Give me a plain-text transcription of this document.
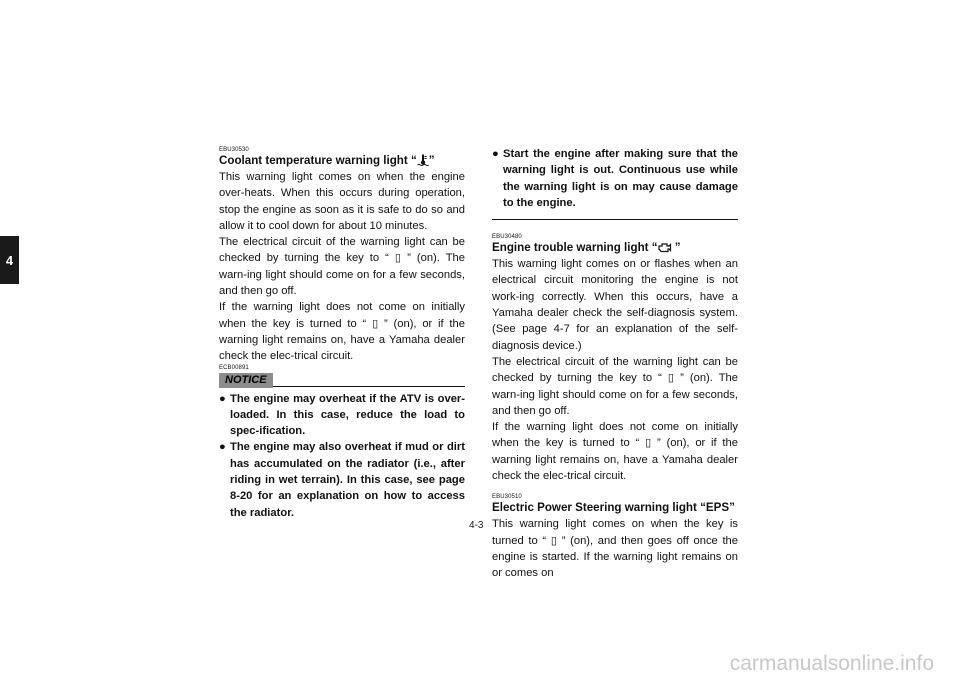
4

EBU30530

Coolant temperature warning light “ ”

This warning light comes on when the engine over-heats. When this occurs during operation, stop the engine as soon as it is safe to do so and allow it to cool down for about 10 minutes.

The electrical circuit of the warning light can be checked by turning the key to “ ▯ ” (on). The warn-ing light should come on for a few seconds, and then go off.

If the warning light does not come on initially when the key is turned to “ ▯ ” (on), or if the warning light remains on, have a Yamaha dealer check the elec-trical circuit.

ECB00891

NOTICE
● The engine may overheat if the ATV is over-loaded. In this case, reduce the load to spec-ification.
● The engine may also overheat if mud or dirt has accumulated on the radiator (i.e., after riding in wet terrain). In this case, see page 8-20 for an explanation on how to access the radiator.
● Start the engine after making sure that the warning light is out. Continuous use while the warning light is on may cause damage to the engine.

EBU30480

Engine trouble warning light “ ”

This warning light comes on or flashes when an electrical circuit monitoring the engine is not work-ing correctly. When this occurs, have a Yamaha dealer check the self-diagnosis system. (See page 4-7 for an explanation of the self-diagnosis device.)

The electrical circuit of the warning light can be checked by turning the key to “ ▯ ” (on). The warn-ing light should come on for a few seconds, and then go off.

If the warning light does not come on initially when the key is turned to “ ▯ ” (on), or if the warning light remains on, have a Yamaha dealer check the elec-trical circuit.

EBU30510

Electric Power Steering warning light “EPS”

This warning light comes on when the key is turned to “ ▯ ” (on), and then goes off once the engine is started. If the warning light remains on or comes on

4-3
carmanualsonline.info
